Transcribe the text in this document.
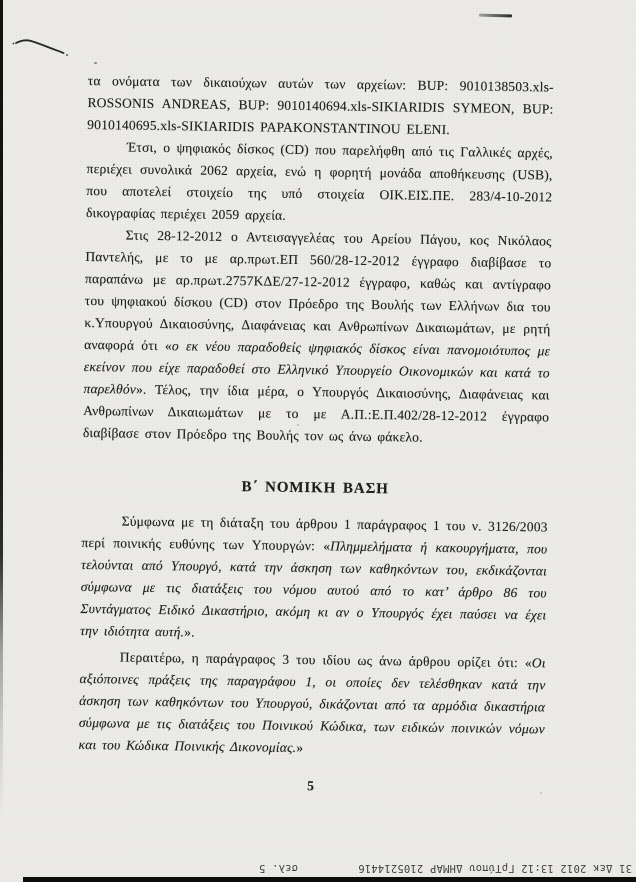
τα ονόματα των δικαιούχων αυτών των αρχείων: BUP: 9010138503.xls-ROSSONIS ANDREAS, BUP: 9010140694.xls-SIKIARIDIS SYMEON, BUP: 9010140695.xls-SIKIARIDIS PAPAKONSTANTINOU ELENI.

Έτσι, ο ψηφιακός δίσκος (CD) που παρελήφθη από τις Γαλλικές αρχές, περιέχει συνολικά 2062 αρχεία, ενώ η φορητή μονάδα αποθήκευσης (USB), που αποτελεί στοιχείο της υπό στοιχεία ΟΙΚ.ΕΙΣ.ΠΕ. 283/4-10-2012 δικογραφίας περιέχει 2059 αρχεία.

Στις 28-12-2012 ο Αντεισαγγελέας του Αρείου Πάγου, κος Νικόλαος Παντελής, με το με αρ.πρωτ.ΕΠ 560/28-12-2012 έγγραφο διαβίβασε το παραπάνω με αρ.πρωτ.2757ΚΔΕ/27-12-2012 έγγραφο, καθώς και αντίγραφο του ψηφιακού δίσκου (CD) στον Πρόεδρο της Βουλής των Ελλήνων δια του κ.Υπουργού Δικαιοσύνης, Διαφάνειας και Ανθρωπίνων Δικαιωμάτων, με ρητή αναφορά ότι «ο εκ νέου παραδοθείς ψηφιακός δίσκος είναι πανομοιότυπος με εκείνον που είχε παραδοθεί στο Ελληνικό Υπουργείο Οικονομικών και κατά το παρελθόν». Τέλος, την ίδια μέρα, ο Υπουργός Δικαιοσύνης, Διαφάνειας και Ανθρωπίνων Δικαιωμάτων με το με Α.Π.:Ε.Π.402/28-12-2012 έγγραφο διαβίβασε στον Πρόεδρο της Βουλής τον ως άνω φάκελο.

Β΄ ΝΟΜΙΚΗ ΒΑΣΗ

Σύμφωνα με τη διάταξη του άρθρου 1 παράγραφος 1 του ν. 3126/2003 περί ποινικής ευθύνης των Υπουργών: «Πλημμελήματα ή κακουργήματα, που τελούνται από Υπουργό, κατά την άσκηση των καθηκόντων του, εκδικάζονται σύμφωνα με τις διατάξεις του νόμου αυτού από το κατ’ άρθρο 86 του Συντάγματος Ειδικό Δικαστήριο, ακόμη κι αν ο Υπουργός έχει παύσει να έχει την ιδιότητα αυτή.».

Περαιτέρω, η παράγραφος 3 του ιδίου ως άνω άρθρου ορίζει ότι: «Οι αξιόποινες πράξεις της παραγράφου 1, οι οποίες δεν τελέσθηκαν κατά την άσκηση των καθηκόντων του Υπουργού, δικάζονται από τα αρμόδια δικαστήρια σύμφωνα με τις διατάξεις του Ποινικού Κώδικα, των ειδικών ποινικών νόμων και του Κώδικα Ποινικής Δικονομίας.»

5
31 Δεκ 2012 13:12 ΓρΤύπου ΔΗΜΑΡ 2105214416
σελ. 5
